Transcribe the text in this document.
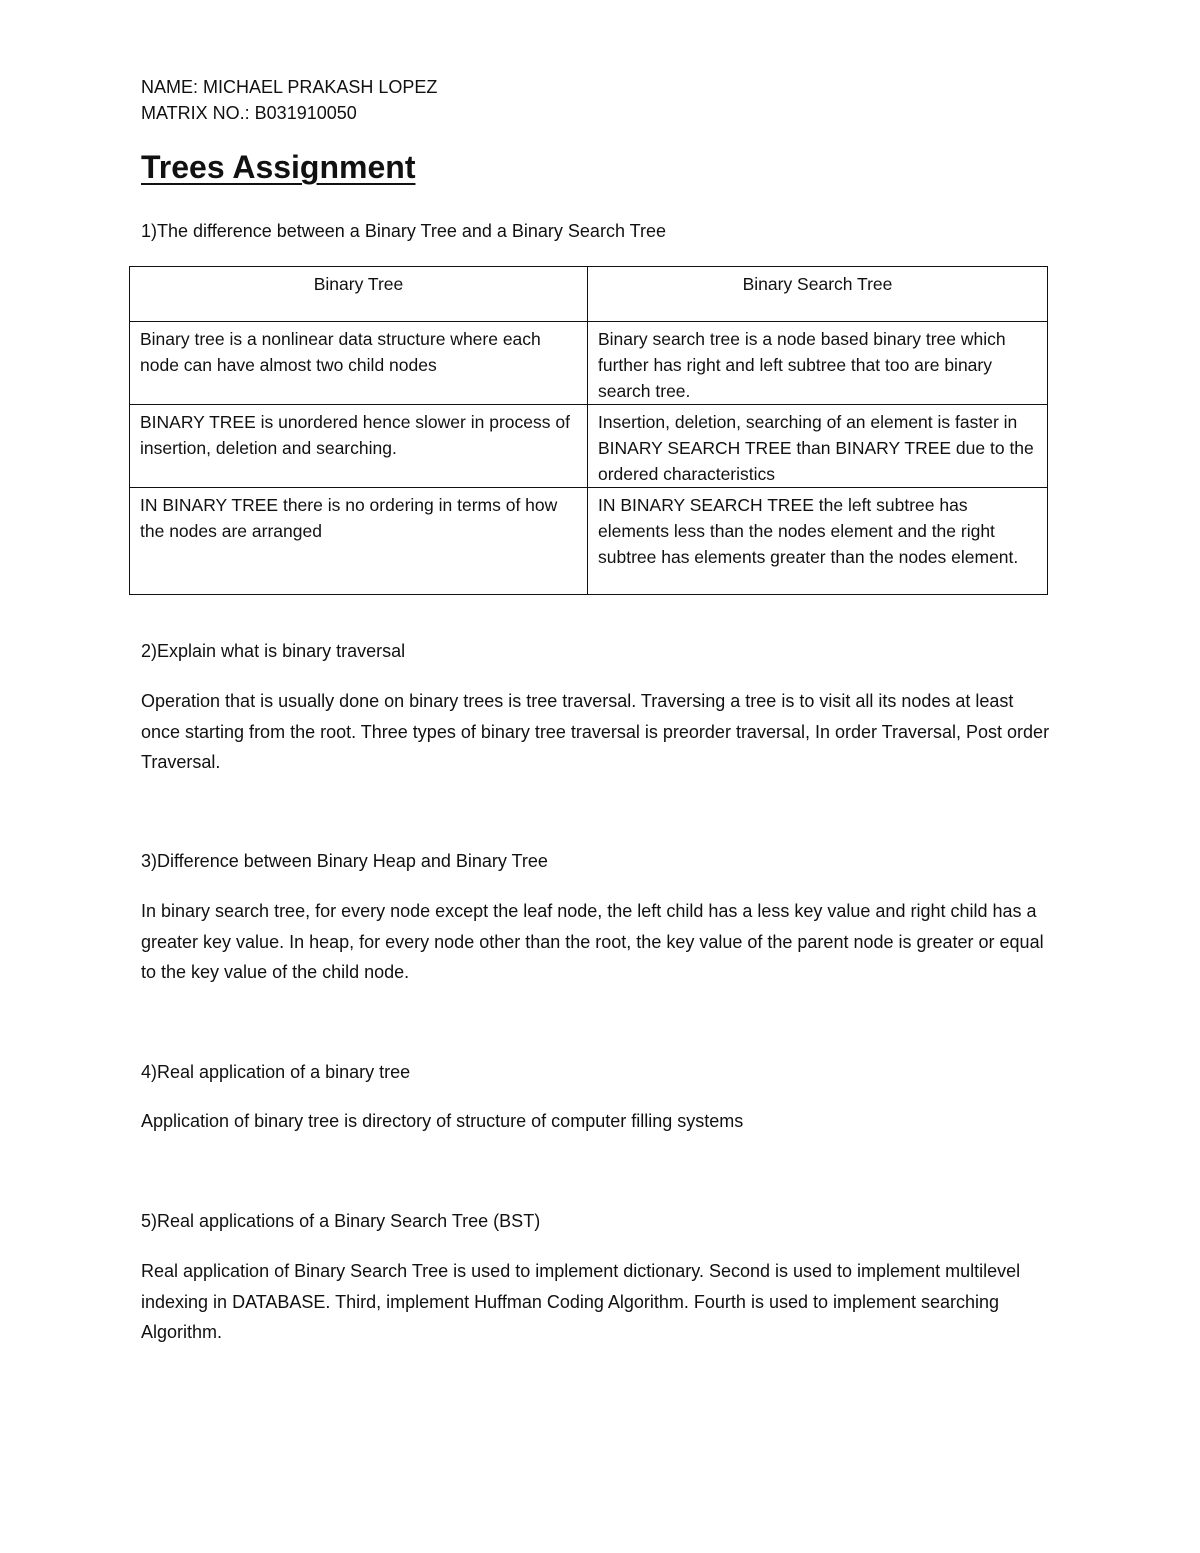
NAME: MICHAEL PRAKASH LOPEZ

MATRIX NO.: B031910050

Trees Assignment

1)The difference between a Binary Tree and a Binary Search Tree

Binary Tree	Binary Search Tree
Binary tree is a nonlinear data structure where each node can have almost two child nodes	Binary search tree is a node based binary tree which further has right and left subtree that too are binary search tree.
BINARY TREE is unordered hence slower in process of insertion, deletion and searching.	Insertion, deletion, searching of an element is faster in BINARY SEARCH TREE than BINARY TREE due to the ordered characteristics
IN BINARY TREE there is no ordering in terms of how the nodes are arranged	IN BINARY SEARCH TREE the left subtree has elements less than the nodes element and the right subtree has elements greater than the nodes element.

2)Explain what is binary traversal

Operation that is usually done on binary trees is tree traversal. Traversing a tree is to visit all its nodes at least once starting from the root. Three types of binary tree traversal is preorder traversal, In order Traversal, Post order Traversal.

3)Difference between Binary Heap and Binary Tree

In binary search tree, for every node except the leaf node, the left child has a less key value and right child has a greater key value. In heap, for every node other than the root, the key value of the parent node is greater or equal to the key value of the child node.

4)Real application of a binary tree

Application of binary tree is directory of structure of computer filling systems

5)Real applications of a Binary Search Tree (BST)

Real application of Binary Search Tree is used to implement dictionary. Second is used to implement multilevel indexing in DATABASE. Third, implement Huffman Coding Algorithm. Fourth is used to implement searching Algorithm.
